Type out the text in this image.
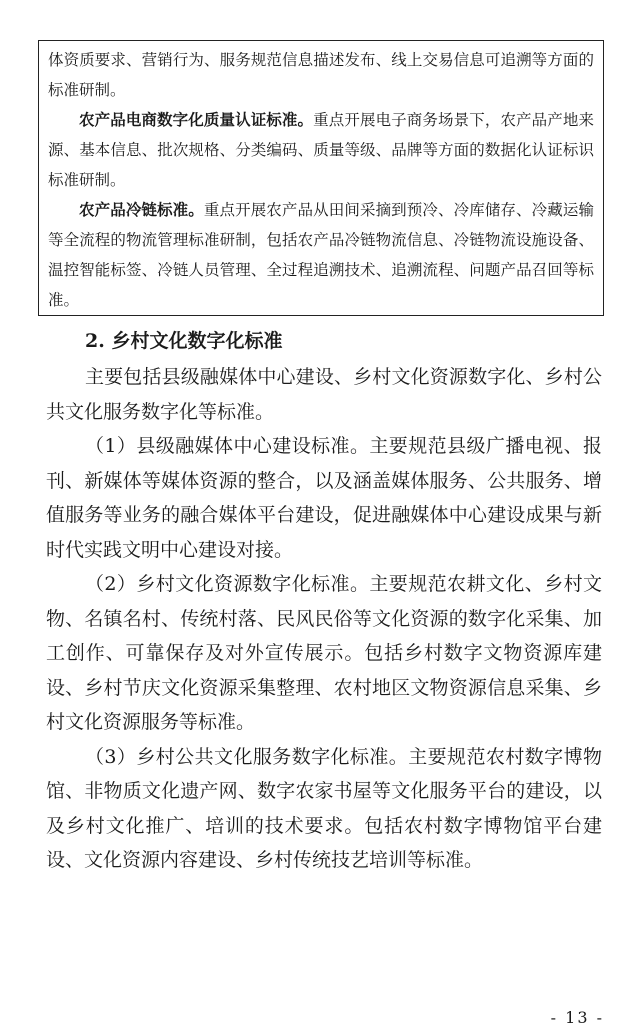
体资质要求、营销行为、服务规范信息描述发布、线上交易信息可追溯等方面的标准研制。

农产品电商数字化质量认证标准。重点开展电子商务场景下，农产品产地来源、基本信息、批次规格、分类编码、质量等级、品牌等方面的数据化认证标识标准研制。

农产品冷链标准。重点开展农产品从田间采摘到预冷、冷库储存、冷藏运输等全流程的物流管理标准研制，包括农产品冷链物流信息、冷链物流设施设备、温控智能标签、冷链人员管理、全过程追溯技术、追溯流程、问题产品召回等标准。

2. 乡村文化数字化标准

主要包括县级融媒体中心建设、乡村文化资源数字化、乡村公共文化服务数字化等标准。

（1）县级融媒体中心建设标准。主要规范县级广播电视、报刊、新媒体等媒体资源的整合，以及涵盖媒体服务、公共服务、增值服务等业务的融合媒体平台建设，促进融媒体中心建设成果与新时代实践文明中心建设对接。

（2）乡村文化资源数字化标准。主要规范农耕文化、乡村文物、名镇名村、传统村落、民风民俗等文化资源的数字化采集、加工创作、可靠保存及对外宣传展示。包括乡村数字文物资源库建设、乡村节庆文化资源采集整理、农村地区文物资源信息采集、乡村文化资源服务等标准。

（3）乡村公共文化服务数字化标准。主要规范农村数字博物馆、非物质文化遗产网、数字农家书屋等文化服务平台的建设，以及乡村文化推广、培训的技术要求。包括农村数字博物馆平台建设、文化资源内容建设、乡村传统技艺培训等标准。

- 13 -
